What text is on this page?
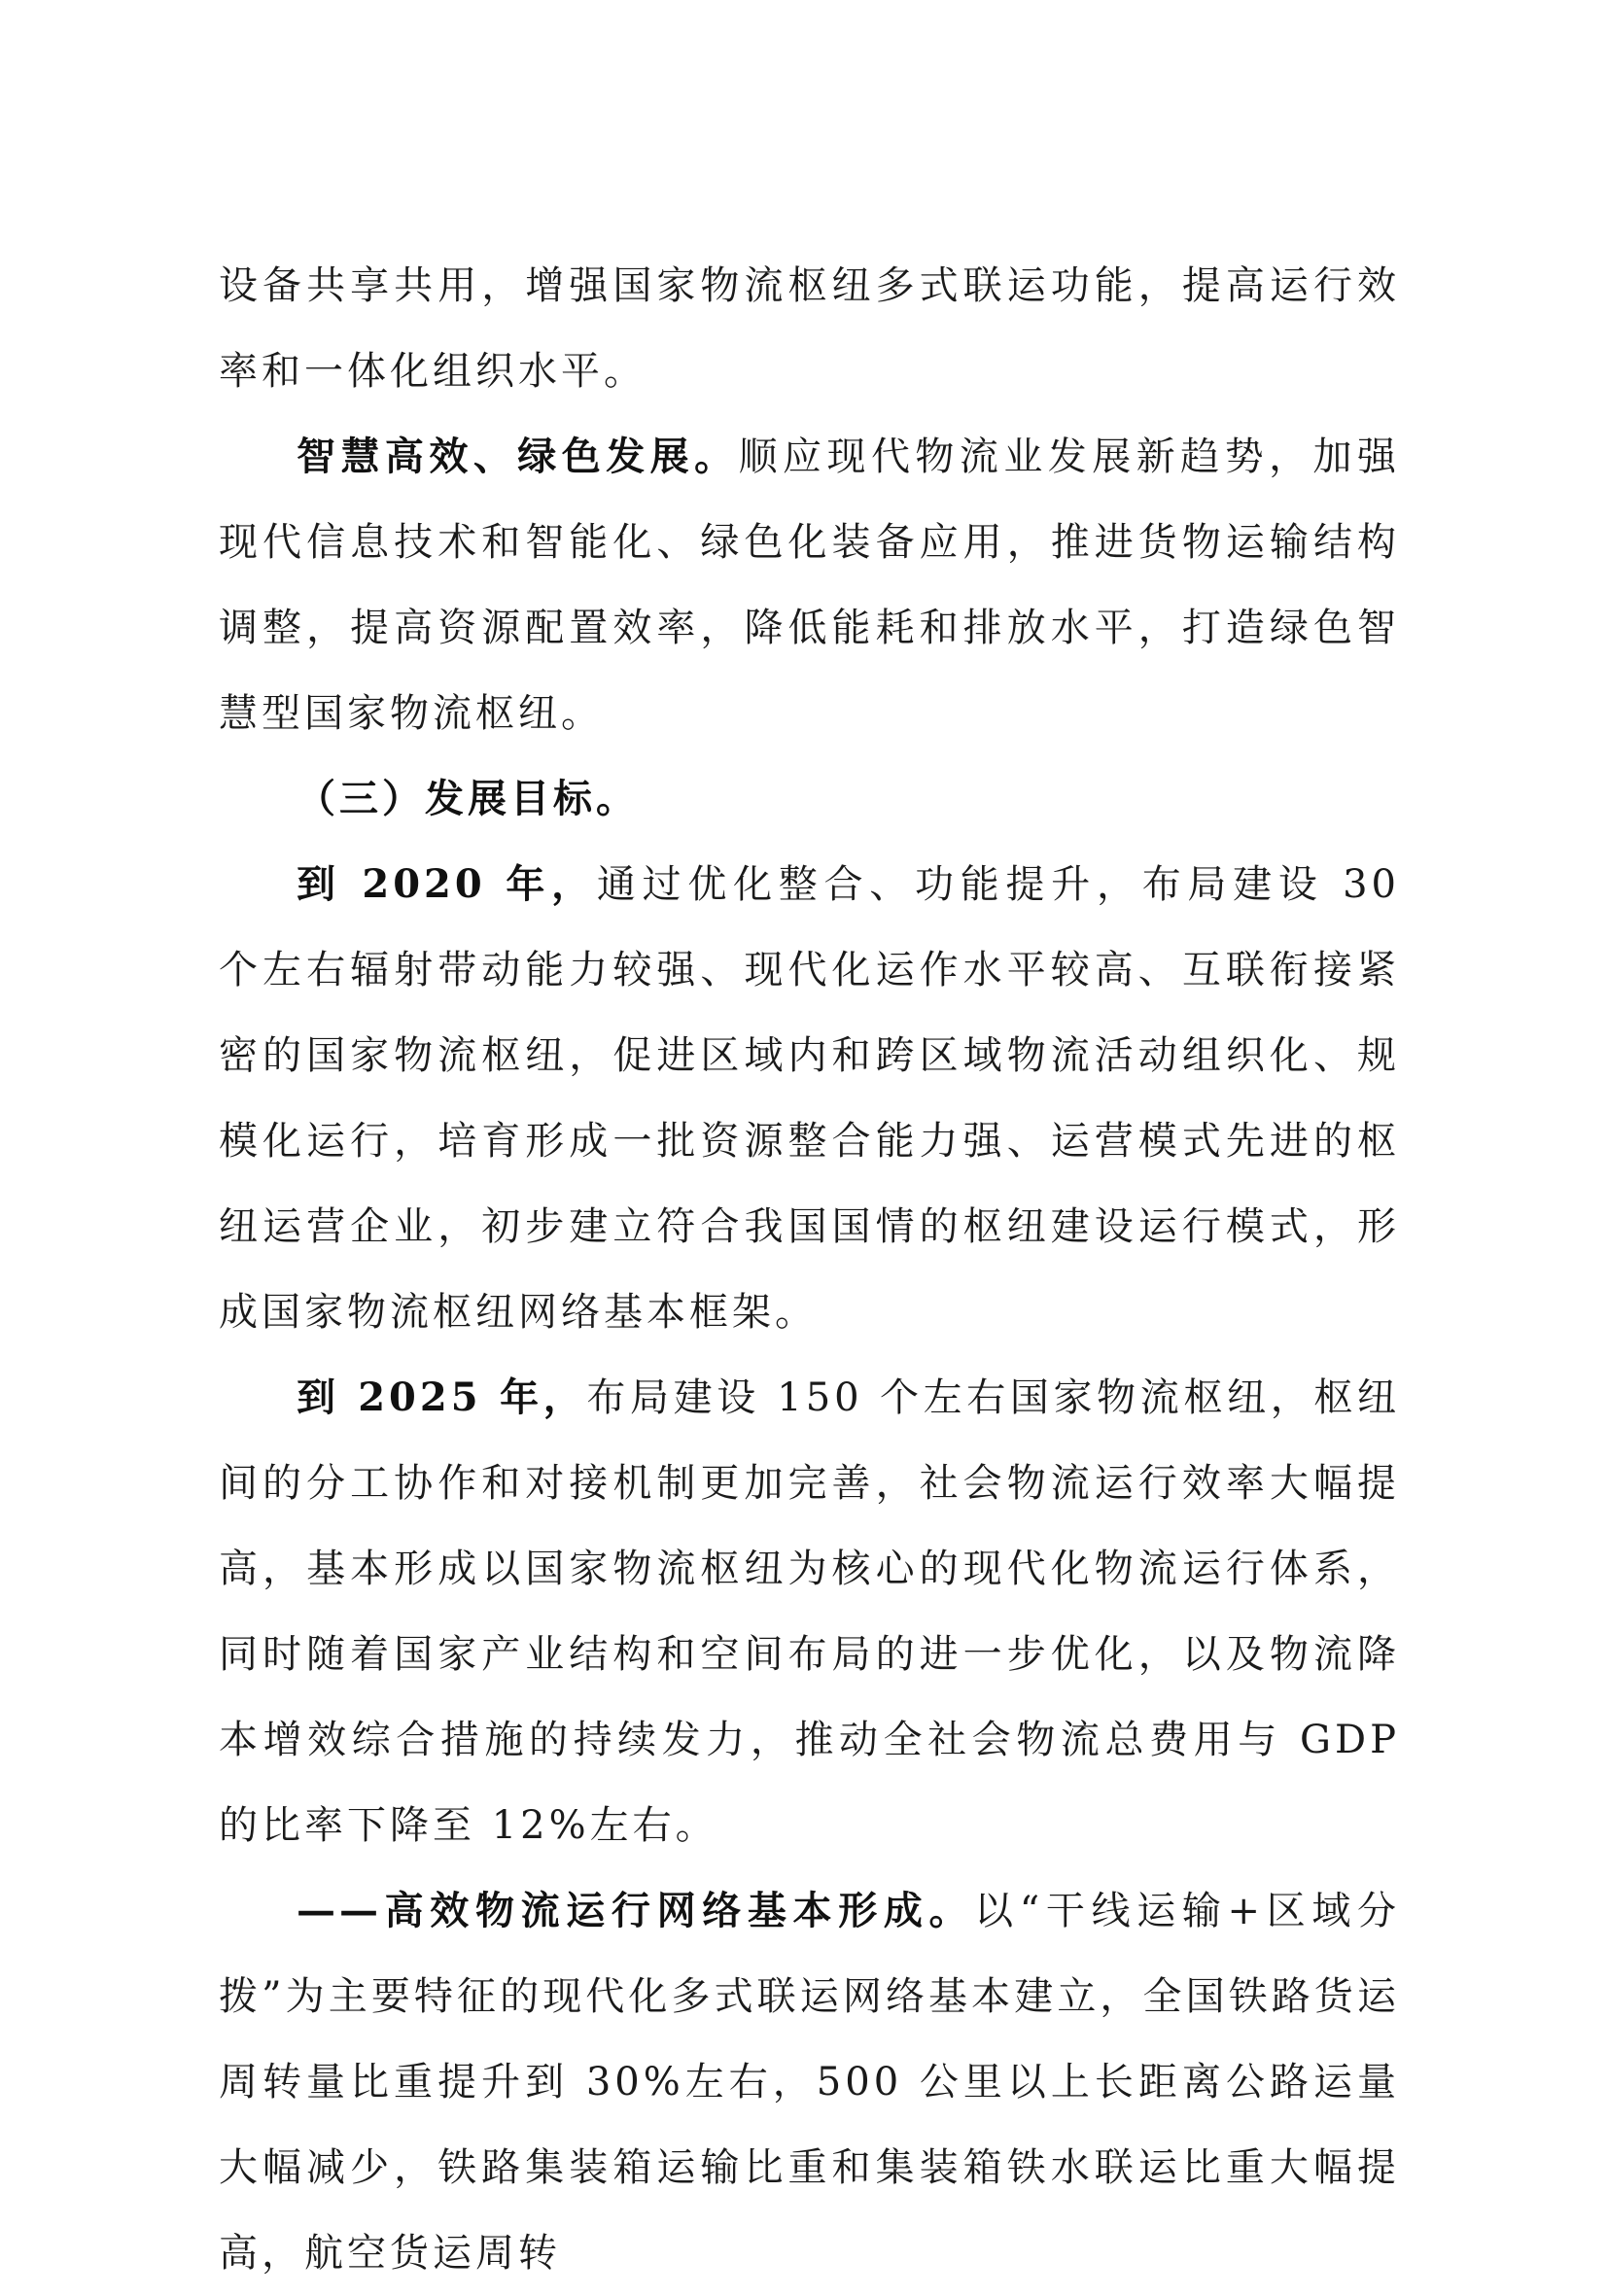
设备共享共用，增强国家物流枢纽多式联运功能，提高运行效率和一体化组织水平。

智慧高效、绿色发展。顺应现代物流业发展新趋势，加强现代信息技术和智能化、绿色化装备应用，推进货物运输结构调整，提高资源配置效率，降低能耗和排放水平，打造绿色智慧型国家物流枢纽。

（三）发展目标。

到 2020 年，通过优化整合、功能提升，布局建设 30 个左右辐射带动能力较强、现代化运作水平较高、互联衔接紧密的国家物流枢纽，促进区域内和跨区域物流活动组织化、规模化运行，培育形成一批资源整合能力强、运营模式先进的枢纽运营企业，初步建立符合我国国情的枢纽建设运行模式，形成国家物流枢纽网络基本框架。

到 2025 年，布局建设 150 个左右国家物流枢纽，枢纽间的分工协作和对接机制更加完善，社会物流运行效率大幅提高，基本形成以国家物流枢纽为核心的现代化物流运行体系，同时随着国家产业结构和空间布局的进一步优化，以及物流降本增效综合措施的持续发力，推动全社会物流总费用与 GDP 的比率下降至 12%左右。

——高效物流运行网络基本形成。以“干线运输+区域分拨”为主要特征的现代化多式联运网络基本建立，全国铁路货运周转量比重提升到 30%左右，500 公里以上长距离公路运量大幅减少，铁路集装箱运输比重和集装箱铁水联运比重大幅提高，航空货运周转
